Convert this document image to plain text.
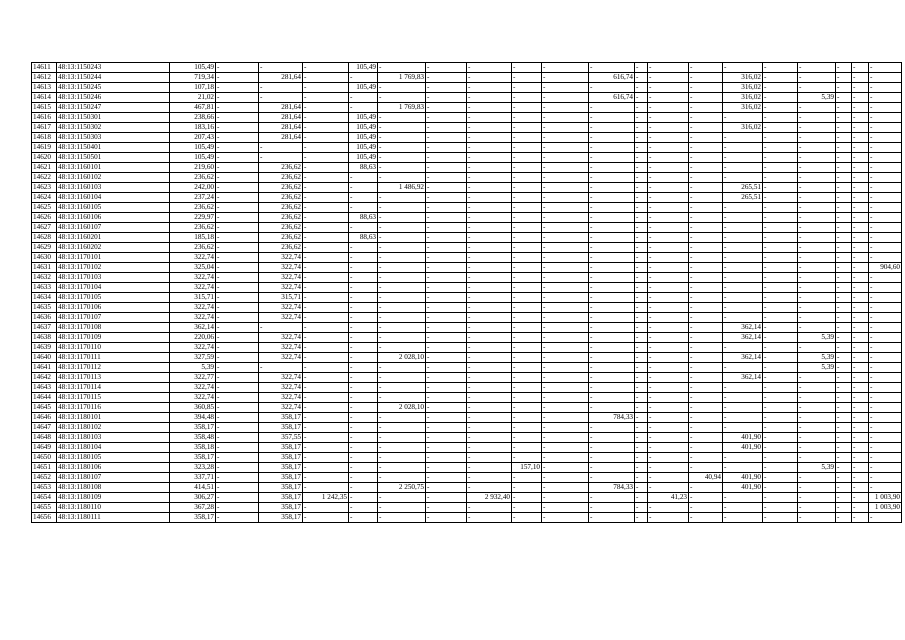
14611	48:13:1150243	105,49	-	-	-	105,49	-	-	-	-	-	-	-	-	-	-	-	-	-	-	-
14612	48:13:1150244	719,34	-	281,64	-	-	1 769,83	-	-	-	-	616,74	-	-	-	316,02	-	-	-	-	-
14613	48:13:1150245	107,18	-	-	-	105,49	-	-	-	-	-	-	-	-	-	316,02	-	-	-	-	-
14614	48:13:1150246	21,02	-	-	-	-	-	-	-	-	-	616,74	-	-	-	316,02	-	5,39	-	-	-
14615	48:13:1150247	467,81	-	281,64	-	-	1 769,83	-	-	-	-	-	-	-	-	316,02	-	-	-	-	-
14616	48:13:1150301	238,66	-	281,64	-	105,49	-	-	-	-	-	-	-	-	-	-	-	-	-	-	-
14617	48:13:1150302	183,16	-	281,64	-	105,49	-	-	-	-	-	-	-	-	-	316,02	-	-	-	-	-
14618	48:13:1150303	207,43	-	281,64	-	105,49	-	-	-	-	-	-	-	-	-	-	-	-	-	-	-
14619	48:13:1150401	105,49	-	-	-	105,49	-	-	-	-	-	-	-	-	-	-	-	-	-	-	-
14620	48:13:1150501	105,49	-	-	-	105,49	-	-	-	-	-	-	-	-	-	-	-	-	-	-	-
14621	48:13:1160101	219,60	-	236,62	-	88,63	-	-	-	-	-	-	-	-	-	-	-	-	-	-	-
14622	48:13:1160102	236,62	-	236,62	-	-	-	-	-	-	-	-	-	-	-	-	-	-	-	-	-
14623	48:13:1160103	242,00	-	236,62	-	-	1 486,92	-	-	-	-	-	-	-	-	265,51	-	-	-	-	-
14624	48:13:1160104	237,24	-	236,62	-	-	-	-	-	-	-	-	-	-	-	265,51	-	-	-	-	-
14625	48:13:1160105	236,62	-	236,62	-	-	-	-	-	-	-	-	-	-	-	-	-	-	-	-	-
14626	48:13:1160106	229,97	-	236,62	-	88,63	-	-	-	-	-	-	-	-	-	-	-	-	-	-	-
14627	48:13:1160107	236,62	-	236,62	-	-	-	-	-	-	-	-	-	-	-	-	-	-	-	-	-
14628	48:13:1160201	185,18	-	236,62	-	88,63	-	-	-	-	-	-	-	-	-	-	-	-	-	-	-
14629	48:13:1160202	236,62	-	236,62	-	-	-	-	-	-	-	-	-	-	-	-	-	-	-	-	-
14630	48:13:1170101	322,74	-	322,74	-	-	-	-	-	-	-	-	-	-	-	-	-	-	-	-	-
14631	48:13:1170102	325,04	-	322,74	-	-	-	-	-	-	-	-	-	-	-	-	-	-	-	-	904,60
14632	48:13:1170103	322,74	-	322,74	-	-	-	-	-	-	-	-	-	-	-	-	-	-	-	-	-
14633	48:13:1170104	322,74	-	322,74	-	-	-	-	-	-	-	-	-	-	-	-	-	-	-	-	-
14634	48:13:1170105	315,71	-	315,71	-	-	-	-	-	-	-	-	-	-	-	-	-	-	-	-	-
14635	48:13:1170106	322,74	-	322,74	-	-	-	-	-	-	-	-	-	-	-	-	-	-	-	-	-
14636	48:13:1170107	322,74	-	322,74	-	-	-	-	-	-	-	-	-	-	-	-	-	-	-	-	-
14637	48:13:1170108	362,14	-	-	-	-	-	-	-	-	-	-	-	-	-	362,14	-	-	-	-	-
14638	48:13:1170109	220,06	-	322,74	-	-	-	-	-	-	-	-	-	-	-	362,14	-	5,39	-	-	-
14639	48:13:1170110	322,74	-	322,74	-	-	-	-	-	-	-	-	-	-	-	-	-	-	-	-	-
14640	48:13:1170111	327,59	-	322,74	-	-	2 028,10	-	-	-	-	-	-	-	-	362,14	-	5,39	-	-	-
14641	48:13:1170112	5,39	-	-	-	-	-	-	-	-	-	-	-	-	-	-	-	5,39	-	-	-
14642	48:13:1170113	322,77	-	322,74	-	-	-	-	-	-	-	-	-	-	-	362,14	-	-	-	-	-
14643	48:13:1170114	322,74	-	322,74	-	-	-	-	-	-	-	-	-	-	-	-	-	-	-	-	-
14644	48:13:1170115	322,74	-	322,74	-	-	-	-	-	-	-	-	-	-	-	-	-	-	-	-	-
14645	48:13:1170116	360,85	-	322,74	-	-	2 028,10	-	-	-	-	-	-	-	-	-	-	-	-	-	-
14646	48:13:1180101	394,48	-	358,17	-	-	-	-	-	-	-	784,33	-	-	-	-	-	-	-	-	-
14647	48:13:1180102	358,17	-	358,17	-	-	-	-	-	-	-	-	-	-	-	-	-	-	-	-	-
14648	48:13:1180103	358,48	-	357,55	-	-	-	-	-	-	-	-	-	-	-	401,90	-	-	-	-	-
14649	48:13:1180104	358,18	-	358,17	-	-	-	-	-	-	-	-	-	-	-	401,90	-	-	-	-	-
14650	48:13:1180105	358,17	-	358,17	-	-	-	-	-	-	-	-	-	-	-	-	-	-	-	-	-
14651	48:13:1180106	323,28	-	358,17	-	-	-	-	-	157,10	-	-	-	-	-	-	-	5,39	-	-	-
14652	48:13:1180107	337,71	-	358,17	-	-	-	-	-	-	-	-	-	-	40,94	401,90	-	-	-	-	-
14653	48:13:1180108	414,51	-	358,17	-	-	2 250,75	-	-	-	-	784,33	-	-	-	401,90	-	-	-	-	-
14654	48:13:1180109	306,27	-	358,17	1 242,35	-	-	-	2 932,40	-	-	-	-	41,23	-	-	-	-	-	-	1 003,90
14655	48:13:1180110	367,28	-	358,17	-	-	-	-	-	-	-	-	-	-	-	-	-	-	-	-	1 003,90
14656	48:13:1180111	358,17	-	358,17	-	-	-	-	-	-	-	-	-	-	-	-	-	-	-	-	-
